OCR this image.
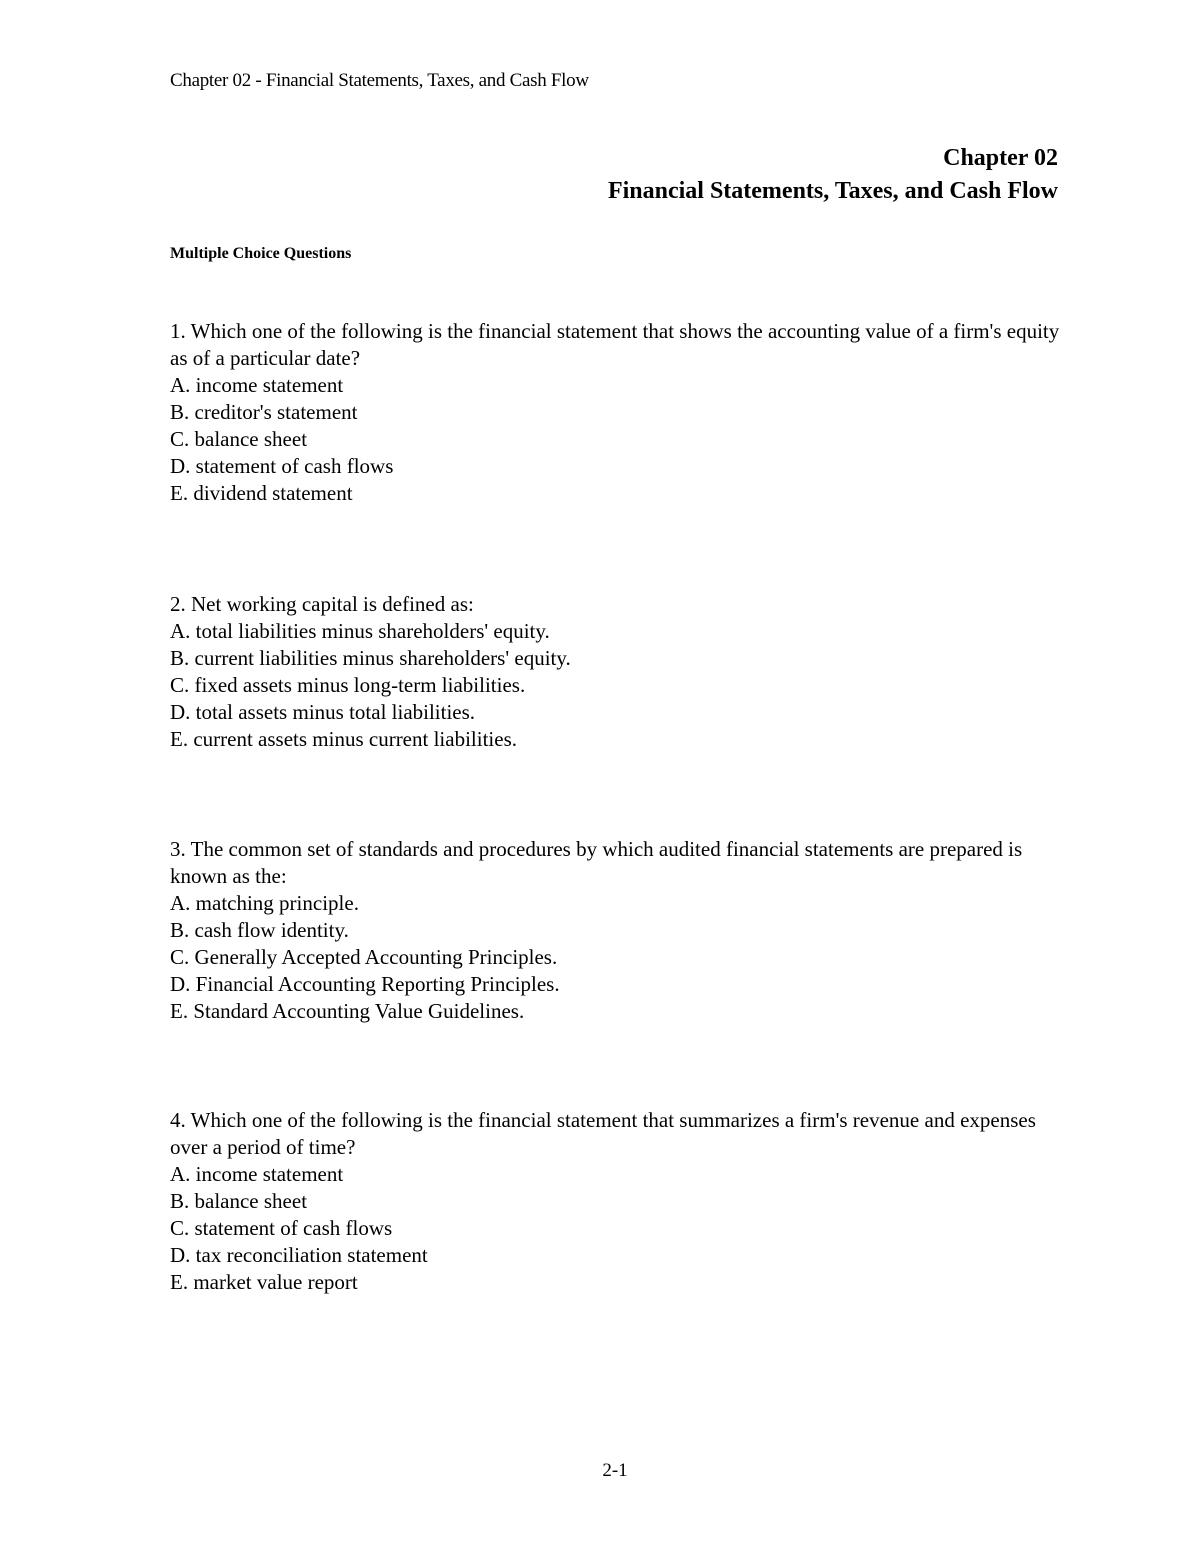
Chapter 02 - Financial Statements, Taxes, and Cash Flow
Chapter 02
Financial Statements, Taxes, and Cash Flow
Multiple Choice Questions

1. Which one of the following is the financial statement that shows the accounting value of a firm's equity as of a particular date?

A. income statement

B. creditor's statement

C. balance sheet

D. statement of cash flows

E. dividend statement

2. Net working capital is defined as:

A. total liabilities minus shareholders' equity.

B. current liabilities minus shareholders' equity.

C. fixed assets minus long-term liabilities.

D. total assets minus total liabilities.

E. current assets minus current liabilities.

3. The common set of standards and procedures by which audited financial statements are prepared is known as the:

A. matching principle.

B. cash flow identity.

C. Generally Accepted Accounting Principles.

D. Financial Accounting Reporting Principles.

E. Standard Accounting Value Guidelines.

4. Which one of the following is the financial statement that summarizes a firm's revenue and expenses over a period of time?

A. income statement

B. balance sheet

C. statement of cash flows

D. tax reconciliation statement

E. market value report

2-1
